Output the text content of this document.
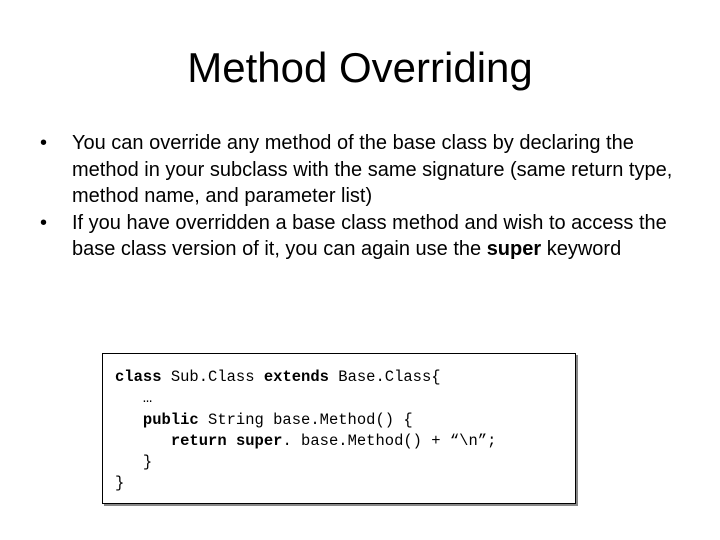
Method Overriding
•	You can override any method of the base class by declaring the method in your subclass with the same signature (same return type, method name, and parameter list)
•	If you have overridden a base class method and wish to access the base class version of it, you can again use the super keyword
class Sub.Class extends Base.Class{
…
public String base.Method() {
return super. base.Method() + “\n”;
}
}
